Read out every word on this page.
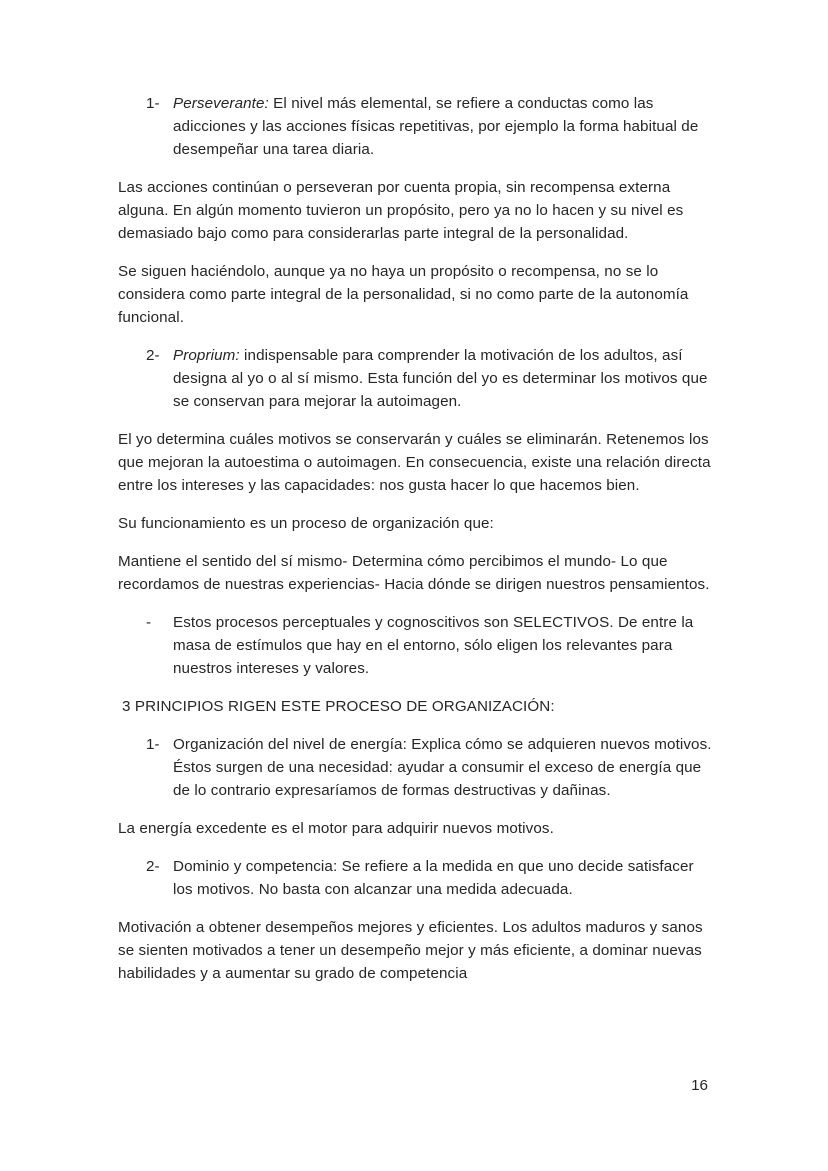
1- Perseverante: El nivel más elemental, se refiere a conductas como las adicciones y las acciones físicas repetitivas, por ejemplo la forma habitual de desempeñar una tarea diaria.

Las acciones continúan o perseveran por cuenta propia, sin recompensa externa alguna. En algún momento tuvieron un propósito, pero ya no lo hacen y su nivel es demasiado bajo como para considerarlas parte integral de la personalidad.

Se siguen haciéndolo, aunque ya no haya un propósito o recompensa, no se lo considera como parte integral de la personalidad, si no como parte de la autonomía funcional.

2- Proprium: indispensable para comprender la motivación de los adultos, así designa al yo o al sí mismo. Esta función del yo es determinar los motivos que se conservan para mejorar la autoimagen.

El yo determina cuáles motivos se conservarán y cuáles se eliminarán. Retenemos los que mejoran la autoestima o autoimagen. En consecuencia, existe una relación directa entre los intereses y las capacidades: nos gusta hacer lo que hacemos bien.

Su funcionamiento es un proceso de organización que:

Mantiene el sentido del sí mismo- Determina cómo percibimos el mundo- Lo que recordamos de nuestras experiencias- Hacia dónde se dirigen nuestros pensamientos.

-	Estos procesos perceptuales y cognoscitivos son SELECTIVOS. De entre la masa de estímulos que hay en el entorno, sólo eligen los relevantes para nuestros intereses y valores.

3 PRINCIPIOS RIGEN ESTE PROCESO DE ORGANIZACIÓN:

1- Organización del nivel de energía: Explica cómo se adquieren nuevos motivos. Éstos surgen de una necesidad: ayudar a consumir el exceso de energía que de lo contrario expresaríamos de formas destructivas y dañinas.

La energía excedente es el motor para adquirir nuevos motivos.

2- Dominio y competencia: Se refiere a la medida en que uno decide satisfacer los motivos. No basta con alcanzar una medida adecuada.

Motivación a obtener desempeños mejores y eficientes. Los adultos maduros y sanos se sienten motivados a tener un desempeño mejor y más eficiente, a dominar nuevas habilidades y a aumentar su grado de competencia

16
